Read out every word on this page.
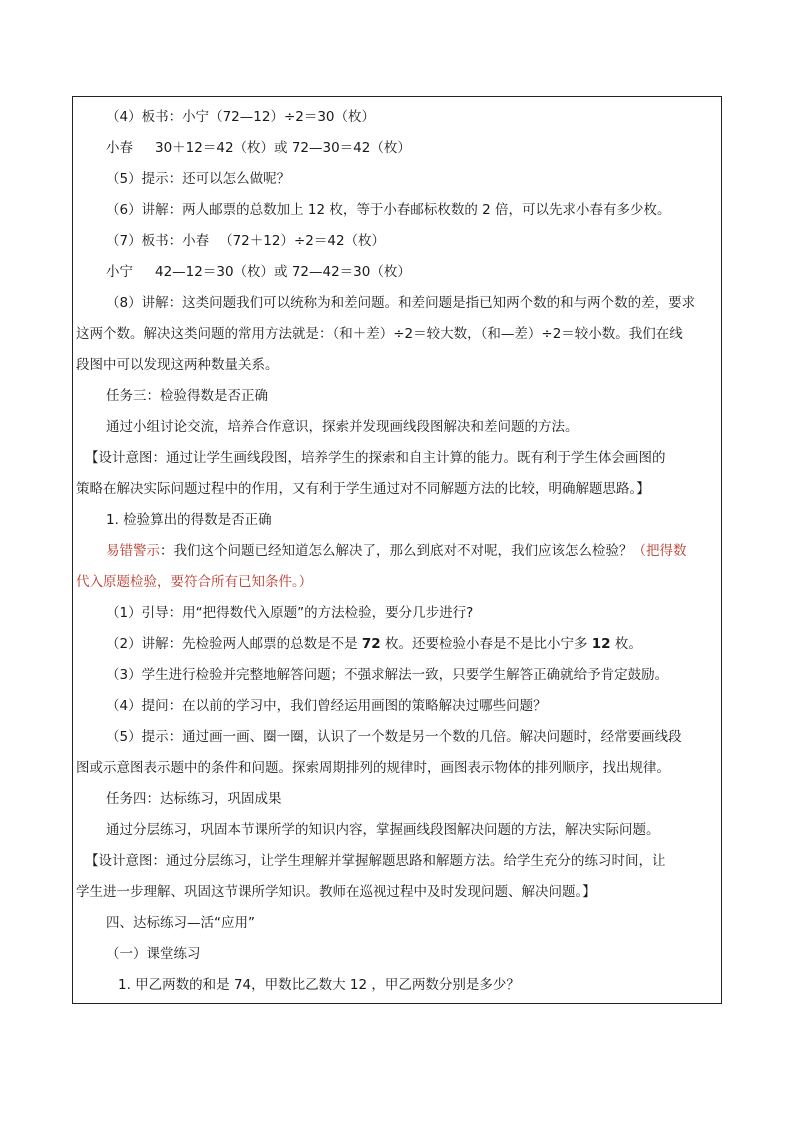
（4）板书：小宁（72—12）÷2＝30（枚）
小春 30＋12＝42（枚）或 72—30＝42（枚）
（5）提示：还可以怎么做呢？
（6）讲解：两人邮票的总数加上 12 枚，等于小春邮标枚数的 2 倍，可以先求小春有多少枚。
（7）板书：小春 （72＋12）÷2＝42（枚）
小宁 42—12＝30（枚）或 72—42＝30（枚）
（8）讲解：这类问题我们可以统称为和差问题。和差问题是指已知两个数的和与两个数的差，要求
这两个数。解决这类问题的常用方法就是：（和＋差）÷2＝较大数，（和—差）÷2＝较小数。我们在线
段图中可以发现这两种数量关系。
任务三：检验得数是否正确
通过小组讨论交流，培养合作意识，探索并发现画线段图解决和差问题的方法。
【设计意图：通过让学生画线段图，培养学生的探索和自主计算的能力。既有利于学生体会画图的
策略在解决实际问题过程中的作用，又有利于学生通过对不同解题方法的比较，明确解题思路。】
1. 检验算出的得数是否正确
易错警示：我们这个问题已经知道怎么解决了，那么到底对不对呢，我们应该怎么检验？（把得数
代入原题检验，要符合所有已知条件。）
（1）引导：用“把得数代入原题”的方法检验，要分几步进行?
（2）讲解：先检验两人邮票的总数是不是 72 枚。还要检验小春是不是比小宁多 12 枚。
（3）学生进行检验并完整地解答问题；不强求解法一致，只要学生解答正确就给予肯定鼓励。
（4）提问：在以前的学习中，我们曾经运用画图的策略解决过哪些问题？
（5）提示：通过画一画、圈一圈，认识了一个数是另一个数的几倍。解决问题时，经常要画线段
图或示意图表示题中的条件和问题。探索周期排列的规律时，画图表示物体的排列顺序，找出规律。
任务四：达标练习，巩固成果
通过分层练习，巩固本节课所学的知识内容，掌握画线段图解决问题的方法，解决实际问题。
【设计意图：通过分层练习，让学生理解并掌握解题思路和解题方法。给学生充分的练习时间，让
学生进一步理解、巩固这节课所学知识。教师在巡视过程中及时发现问题、解决问题。】
四、达标练习—活“应用”
（一）课堂练习
1. 甲乙两数的和是 74，甲数比乙数大 12 ，甲乙两数分别是多少？
